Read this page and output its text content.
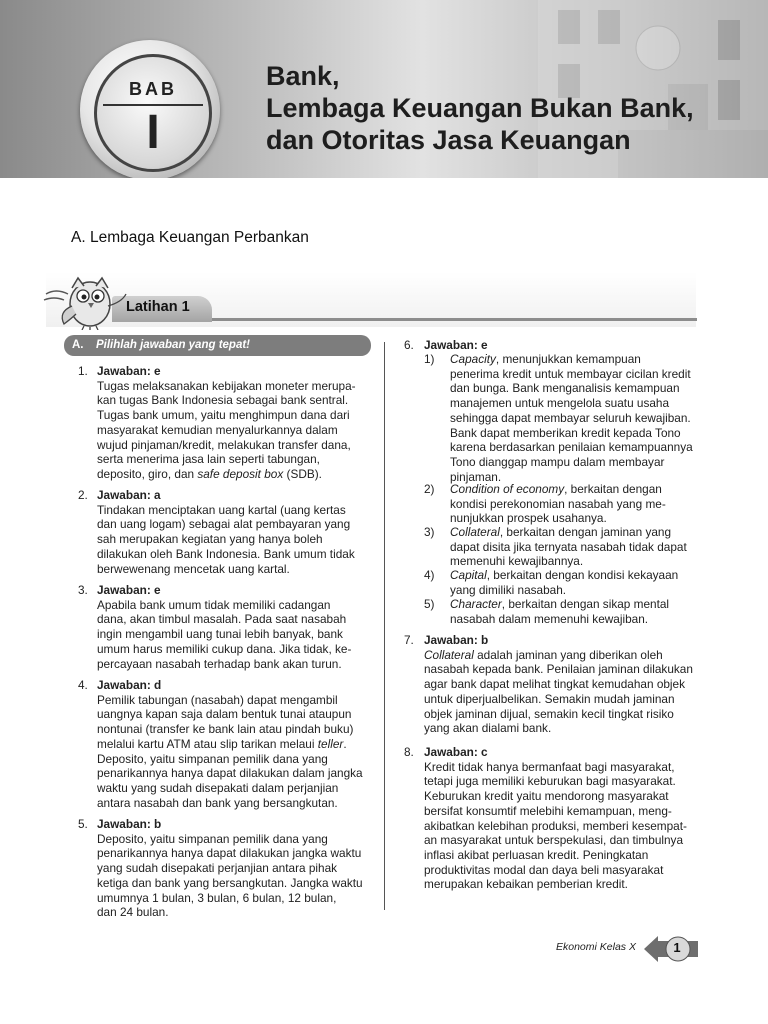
BAB
I
Bank,
Lembaga Keuangan Bukan Bank,
dan Otoritas Jasa Keuangan
A. Lembaga Keuangan Perbankan
Latihan 1
A. Pilihlah jawaban yang tepat!
1. Jawaban: e

Tugas melaksanakan kebijakan moneter merupa-

kan tugas Bank Indonesia sebagai bank sentral.

Tugas bank umum, yaitu menghimpun dana dari

masyarakat kemudian menyalurkannya dalam

wujud pinjaman/kredit, melakukan transfer dana,

serta menerima jasa lain seperti tabungan,

deposito, giro, dan safe deposit box (SDB).

2. Jawaban: a

Tindakan menciptakan uang kartal (uang kertas

dan uang logam) sebagai alat pembayaran yang

sah merupakan kegiatan yang hanya boleh

dilakukan oleh Bank Indonesia. Bank umum tidak

berwewenang mencetak uang kartal.

3. Jawaban: e

Apabila bank umum tidak memiliki cadangan

dana, akan timbul masalah. Pada saat nasabah

ingin mengambil uang tunai lebih banyak, bank

umum harus memiliki cukup dana. Jika tidak, ke-

percayaan nasabah terhadap bank akan turun.

4. Jawaban: d

Pemilik tabungan (nasabah) dapat mengambil

uangnya kapan saja dalam bentuk tunai ataupun

nontunai (transfer ke bank lain atau pindah buku)

melalui kartu ATM atau slip tarikan melaui teller.

Deposito, yaitu simpanan pemilik dana yang

penarikannya hanya dapat dilakukan dalam jangka

waktu yang sudah disepakati dalam perjanjian

antara nasabah dan bank yang bersangkutan.

5. Jawaban: b

Deposito, yaitu simpanan pemilik dana yang

penarikannya hanya dapat dilakukan jangka waktu

yang sudah disepakati perjanjian antara pihak

ketiga dan bank yang bersangkutan. Jangka waktu

umumnya 1 bulan, 3 bulan, 6 bulan, 12 bulan,

dan 24 bulan.

6. Jawaban: e
1) Capacity, menunjukkan kemampuan
penerima kredit untuk membayar cicilan kredit
dan bunga. Bank menganalisis kemampuan
manajemen untuk mengelola suatu usaha
sehingga dapat membayar seluruh kewajiban.
Bank dapat memberikan kredit kepada Tono
karena berdasarkan penilaian kemampuannya
Tono dianggap mampu dalam membayar
pinjaman.
2) Condition of economy, berkaitan dengan
kondisi perekonomian nasabah yang me-
nunjukkan prospek usahanya.
3) Collateral, berkaitan dengan jaminan yang
dapat disita jika ternyata nasabah tidak dapat
memenuhi kewajibannya.
4) Capital, berkaitan dengan kondisi kekayaan
yang dimiliki nasabah.
5) Character, berkaitan dengan sikap mental
nasabah dalam memenuhi kewajiban.
7. Jawaban: b

Collateral adalah jaminan yang diberikan oleh

nasabah kepada bank. Penilaian jaminan dilakukan

agar bank dapat melihat tingkat kemudahan objek

untuk diperjualbelikan. Semakin mudah jaminan

objek jaminan dijual, semakin kecil tingkat risiko

yang akan dialami bank.

8. Jawaban: c

Kredit tidak hanya bermanfaat bagi masyarakat,

tetapi juga memiliki keburukan bagi masyarakat.

Keburukan kredit yaitu mendorong masyarakat

bersifat konsumtif melebihi kemampuan, meng-

akibatkan kelebihan produksi, memberi kesempat-

an masyarakat untuk berspekulasi, dan timbulnya

inflasi akibat perluasan kredit. Peningkatan

produktivitas modal dan daya beli masyarakat

merupakan kebaikan pemberian kredit.

Ekonomi Kelas X	1
